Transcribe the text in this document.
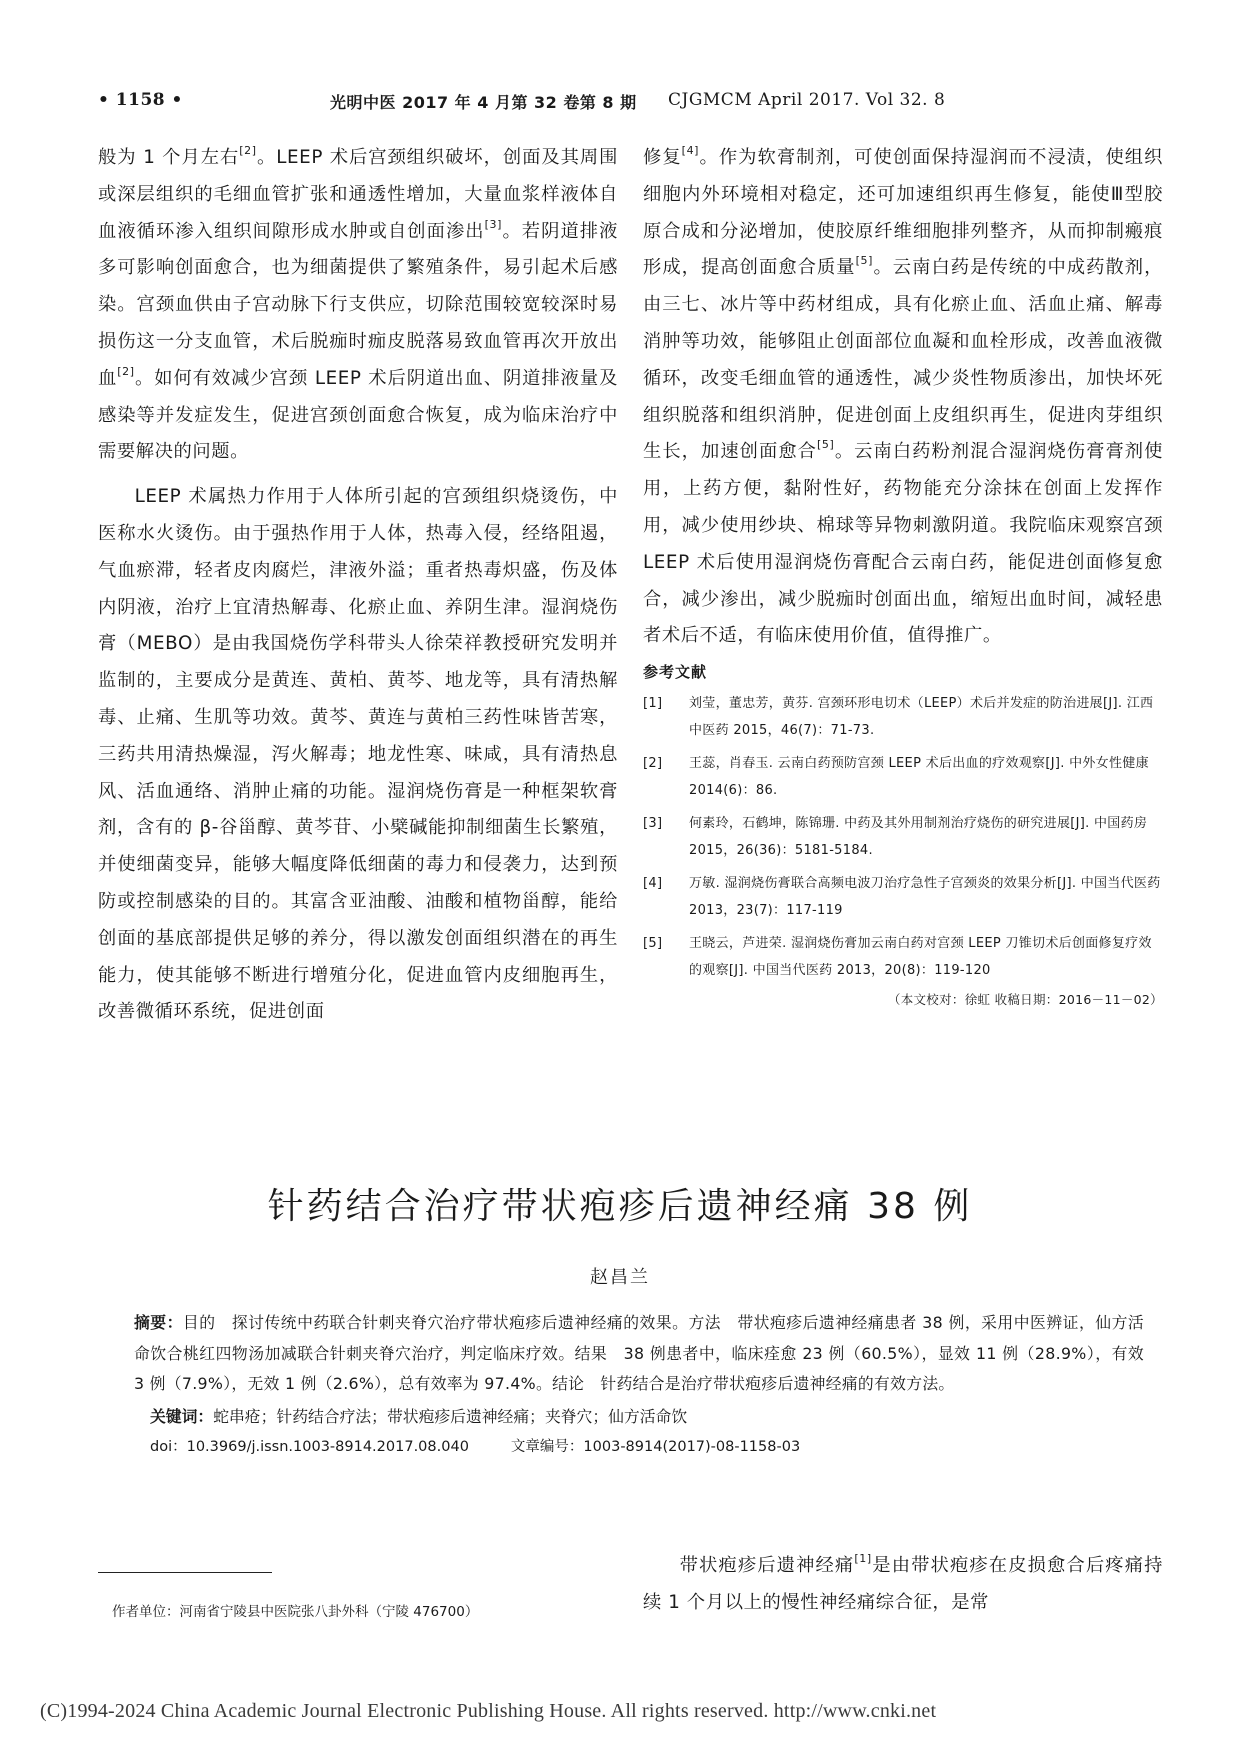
• 1158 •	光明中医 2017 年 4 月第 32 卷第 8 期 CJGMCM April 2017. Vol 32. 8

般为 1 个月左右[2]。LEEP 术后宫颈组织破坏，创面及其周围或深层组织的毛细血管扩张和通透性增加，大量血浆样液体自血液循环渗入组织间隙形成水肿或自创面渗出[3]。若阴道排液多可影响创面愈合，也为细菌提供了繁殖条件，易引起术后感染。宫颈血供由子宫动脉下行支供应，切除范围较宽较深时易损伤这一分支血管，术后脱痂时痂皮脱落易致血管再次开放出血[2]。如何有效减少宫颈 LEEP 术后阴道出血、阴道排液量及感染等并发症发生，促进宫颈创面愈合恢复，成为临床治疗中需要解决的问题。

LEEP 术属热力作用于人体所引起的宫颈组织烧烫伤，中医称水火烫伤。由于强热作用于人体，热毒入侵，经络阻遏，气血瘀滞，轻者皮肉腐烂，津液外溢；重者热毒炽盛，伤及体内阴液，治疗上宜清热解毒、化瘀止血、养阴生津。湿润烧伤膏（MEBO）是由我国烧伤学科带头人徐荣祥教授研究发明并监制的，主要成分是黄连、黄柏、黄芩、地龙等，具有清热解毒、止痛、生肌等功效。黄芩、黄连与黄柏三药性味皆苦寒，三药共用清热燥湿，泻火解毒；地龙性寒、味咸，具有清热息风、活血通络、消肿止痛的功能。湿润烧伤膏是一种框架软膏剂，含有的 β-谷甾醇、黄芩苷、小檗碱能抑制细菌生长繁殖，并使细菌变异，能够大幅度降低细菌的毒力和侵袭力，达到预防或控制感染的目的。其富含亚油酸、油酸和植物甾醇，能给创面的基底部提供足够的养分，得以激发创面组织潜在的再生能力，使其能够不断进行增殖分化，促进血管内皮细胞再生，改善微循环系统，促进创面

修复[4]。作为软膏制剂，可使创面保持湿润而不浸渍，使组织细胞内外环境相对稳定，还可加速组织再生修复，能使Ⅲ型胶原合成和分泌增加，使胶原纤维细胞排列整齐，从而抑制瘢痕形成，提高创面愈合质量[5]。云南白药是传统的中成药散剂，由三七、冰片等中药材组成，具有化瘀止血、活血止痛、解毒消肿等功效，能够阻止创面部位血凝和血栓形成，改善血液微循环，改变毛细血管的通透性，减少炎性物质渗出，加快坏死组织脱落和组织消肿，促进创面上皮组织再生，促进肉芽组织生长，加速创面愈合[5]。云南白药粉剂混合湿润烧伤膏膏剂使用，上药方便，黏附性好，药物能充分涂抹在创面上发挥作用，减少使用纱块、棉球等异物刺激阴道。我院临床观察宫颈 LEEP 术后使用湿润烧伤膏配合云南白药，能促进创面修复愈合，减少渗出，减少脱痂时创面出血，缩短出血时间，减轻患者术后不适，有临床使用价值，值得推广。

参考文献
[1] 刘莹，董忠芳，黄芬. 宫颈环形电切术（LEEP）术后并发症的防治进展[J]. 江西中医药 2015，46(7)：71-73.
[2] 王蕊，肖春玉. 云南白药预防宫颈 LEEP 术后出血的疗效观察[J]. 中外女性健康 2014(6)：86.
[3] 何素玲，石鹤坤，陈锦珊. 中药及其外用制剂治疗烧伤的研究进展[J]. 中国药房 2015，26(36)：5181-5184.
[4] 万敏. 湿润烧伤膏联合高频电波刀治疗急性子宫颈炎的效果分析[J]. 中国当代医药 2013，23(7)：117-119
[5] 王晓云，芦进荣. 湿润烧伤膏加云南白药对宫颈 LEEP 刀锥切术后创面修复疗效的观察[J]. 中国当代医药 2013，20(8)：119-120
（本文校对：徐虹 收稿日期：2016－11－02）
针药结合治疗带状疱疹后遗神经痛 38 例
赵昌兰

摘要：目的　探讨传统中药联合针刺夹脊穴治疗带状疱疹后遗神经痛的效果。方法　带状疱疹后遗神经痛患者 38 例，采用中医辨证，仙方活命饮合桃红四物汤加减联合针刺夹脊穴治疗，判定临床疗效。结果　38 例患者中，临床痊愈 23 例（60.5%），显效 11 例（28.9%），有效 3 例（7.9%），无效 1 例（2.6%），总有效率为 97.4%。结论　针药结合是治疗带状疱疹后遗神经痛的有效方法。

关键词：蛇串疮；针药结合疗法；带状疱疹后遗神经痛；夹脊穴；仙方活命饮

doi：10.3969/j.issn.1003-8914.2017.08.040	文章编号：1003-8914(2017)-08-1158-03

带状疱疹后遗神经痛[1]是由带状疱疹在皮损愈合后疼痛持续 1 个月以上的慢性神经痛综合征，是常

作者单位：河南省宁陵县中医院张八卦外科（宁陵 476700）
(C)1994-2024 China Academic Journal Electronic Publishing House. All rights reserved. http://www.cnki.net
